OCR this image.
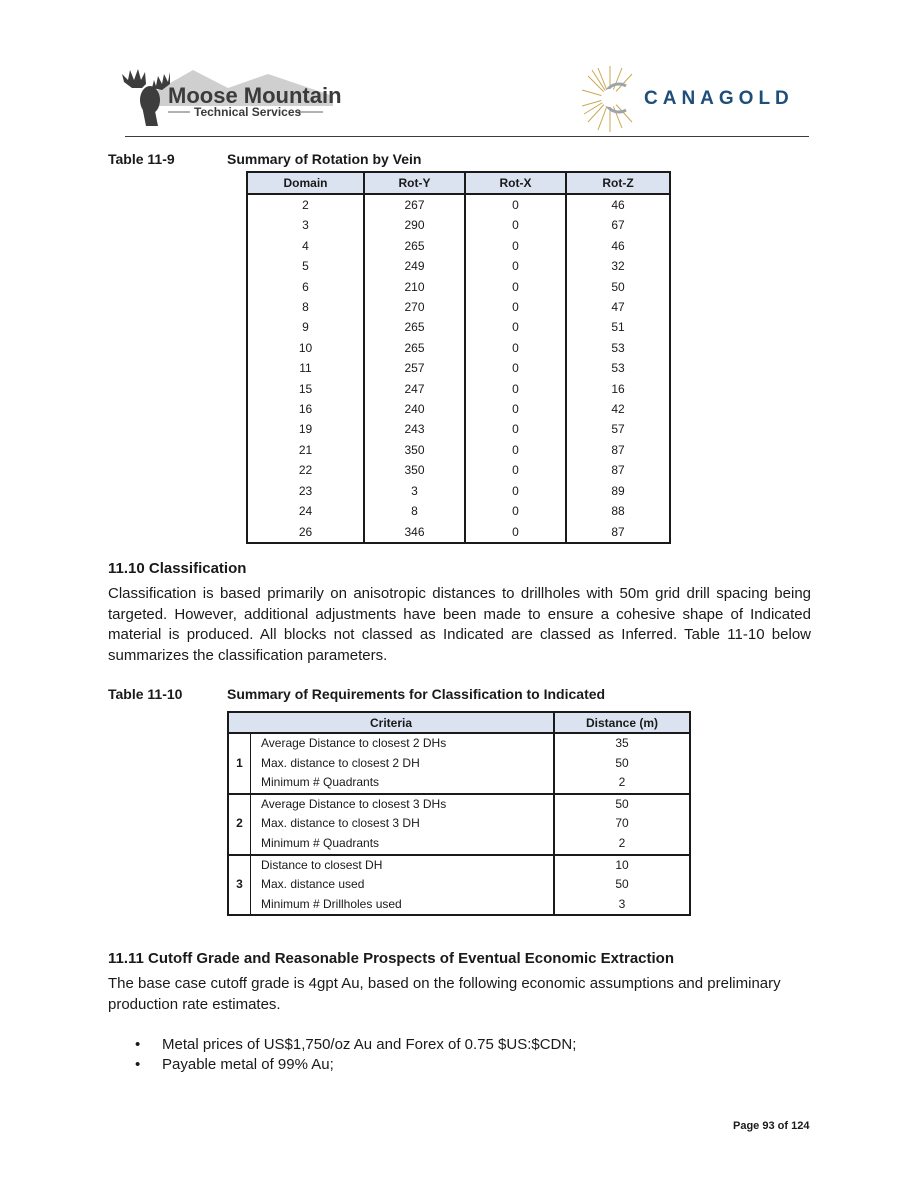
Moose Mountain
Technical Services
CANAGOLD
Table 11-9	Summary of Rotation by Vein
Domain	Rot-Y	Rot-X	Rot-Z
2	267	0	46
3	290	0	67
4	265	0	46
5	249	0	32
6	210	0	50
8	270	0	47
9	265	0	51
10	265	0	53
11	257	0	53
15	247	0	16
16	240	0	42
19	243	0	57
21	350	0	87
22	350	0	87
23	3	0	89
24	8	0	88
26	346	0	87
11.10 Classification
Classification is based primarily on anisotropic distances to drillholes with 50m grid drill spacing being targeted. However, additional adjustments have been made to ensure a cohesive shape of Indicated material is produced. All blocks not classed as Indicated are classed as Inferred. Table 11-10 below summarizes the classification parameters.
Table 11-10	Summary of Requirements for Classification to Indicated
Criteria		Distance (m)
1	Average Distance to closest 2 DHs	35
	Max. distance to closest 2 DH	50
	Minimum # Quadrants	2
2	Average Distance to closest 3 DHs	50
	Max. distance to closest 3 DH	70
	Minimum # Quadrants	2
3	Distance to closest DH	10
	Max. distance used	50
	Minimum # Drillholes used	3
11.11 Cutoff Grade and Reasonable Prospects of Eventual Economic Extraction
The base case cutoff grade is 4gpt Au, based on the following economic assumptions and preliminary production rate estimates.
• Metal prices of US$1,750/oz Au and Forex of 0.75 $US:$CDN;
• Payable metal of 99% Au;
Page 93 of 124
